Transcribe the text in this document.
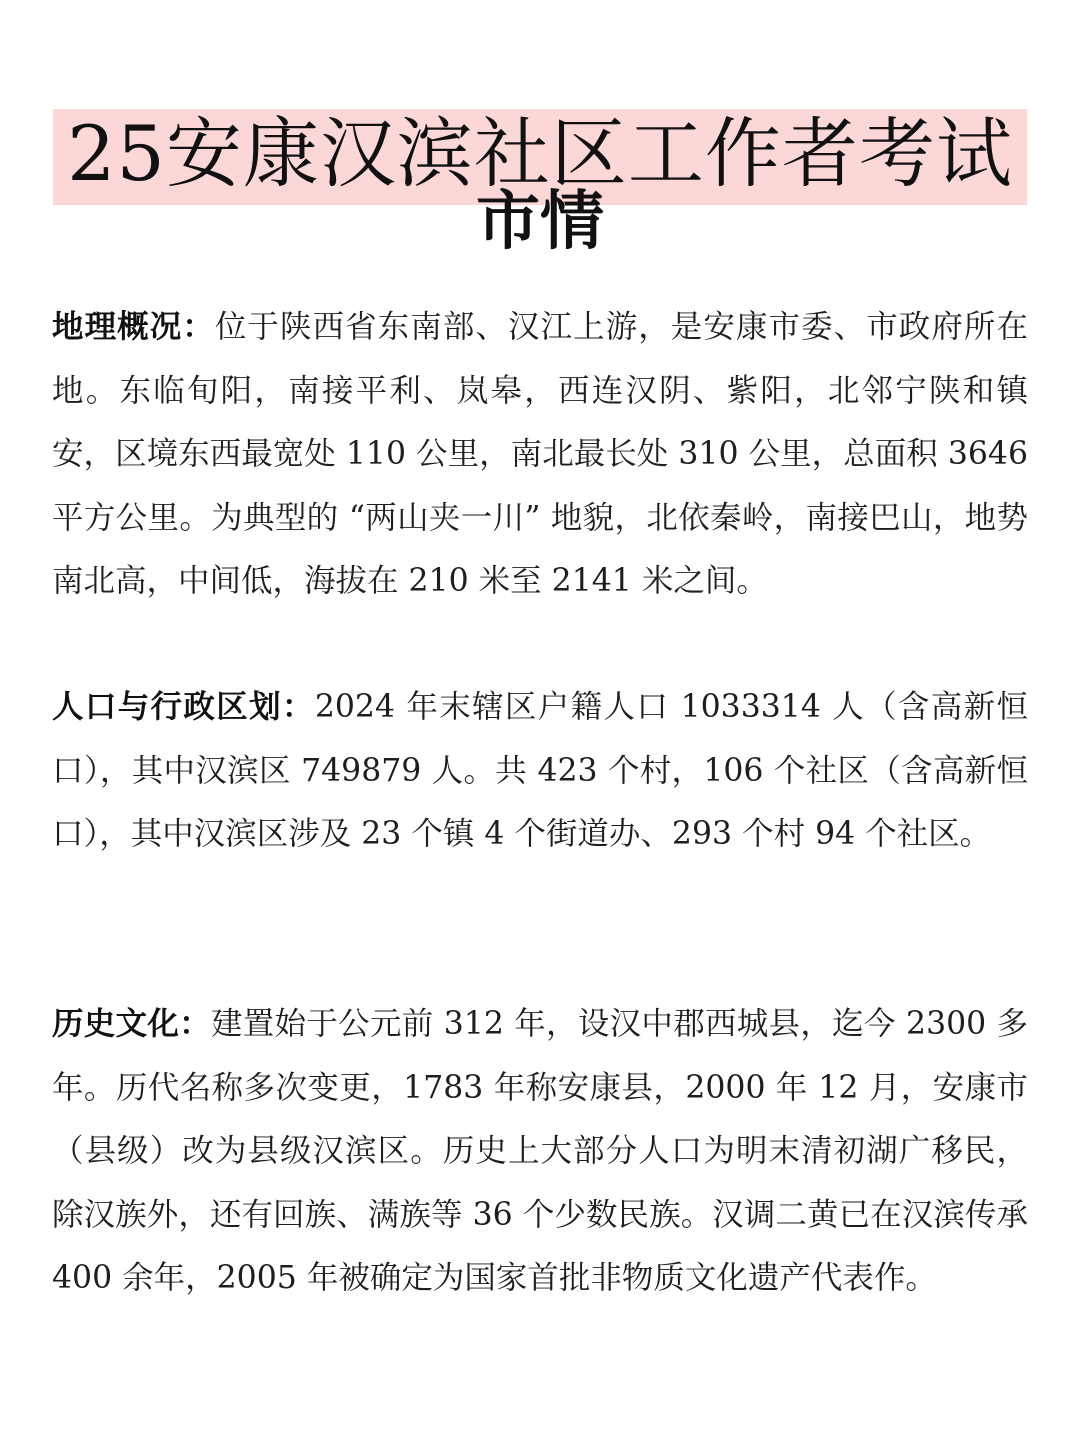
25安康汉滨社区工作者考试
市情
地理概况：位于陕西省东南部、汉江上游，是安康市委、市政府所在地。东临旬阳，南接平利、岚皋，西连汉阴、紫阳，北邻宁陕和镇安，区境东西最宽处 110 公里，南北最长处 310 公里，总面积 3646 平方公里。为典型的 “两山夹一川” 地貌，北依秦岭，南接巴山，地势南北高，中间低，海拔在 210 米至 2141 米之间。
人口与行政区划：2024 年末辖区户籍人口 1033314 人（含高新恒口），其中汉滨区 749879 人。共 423 个村，106 个社区（含高新恒口），其中汉滨区涉及 23 个镇 4 个街道办、293 个村 94 个社区。
历史文化：建置始于公元前 312 年，设汉中郡西城县，迄今 2300 多年。历代名称多次变更，1783 年称安康县，2000 年 12 月，安康市（县级）改为县级汉滨区。历史上大部分人口为明末清初湖广移民，除汉族外，还有回族、满族等 36 个少数民族。汉调二黄已在汉滨传承 400 余年，2005 年被确定为国家首批非物质文化遗产代表作。
